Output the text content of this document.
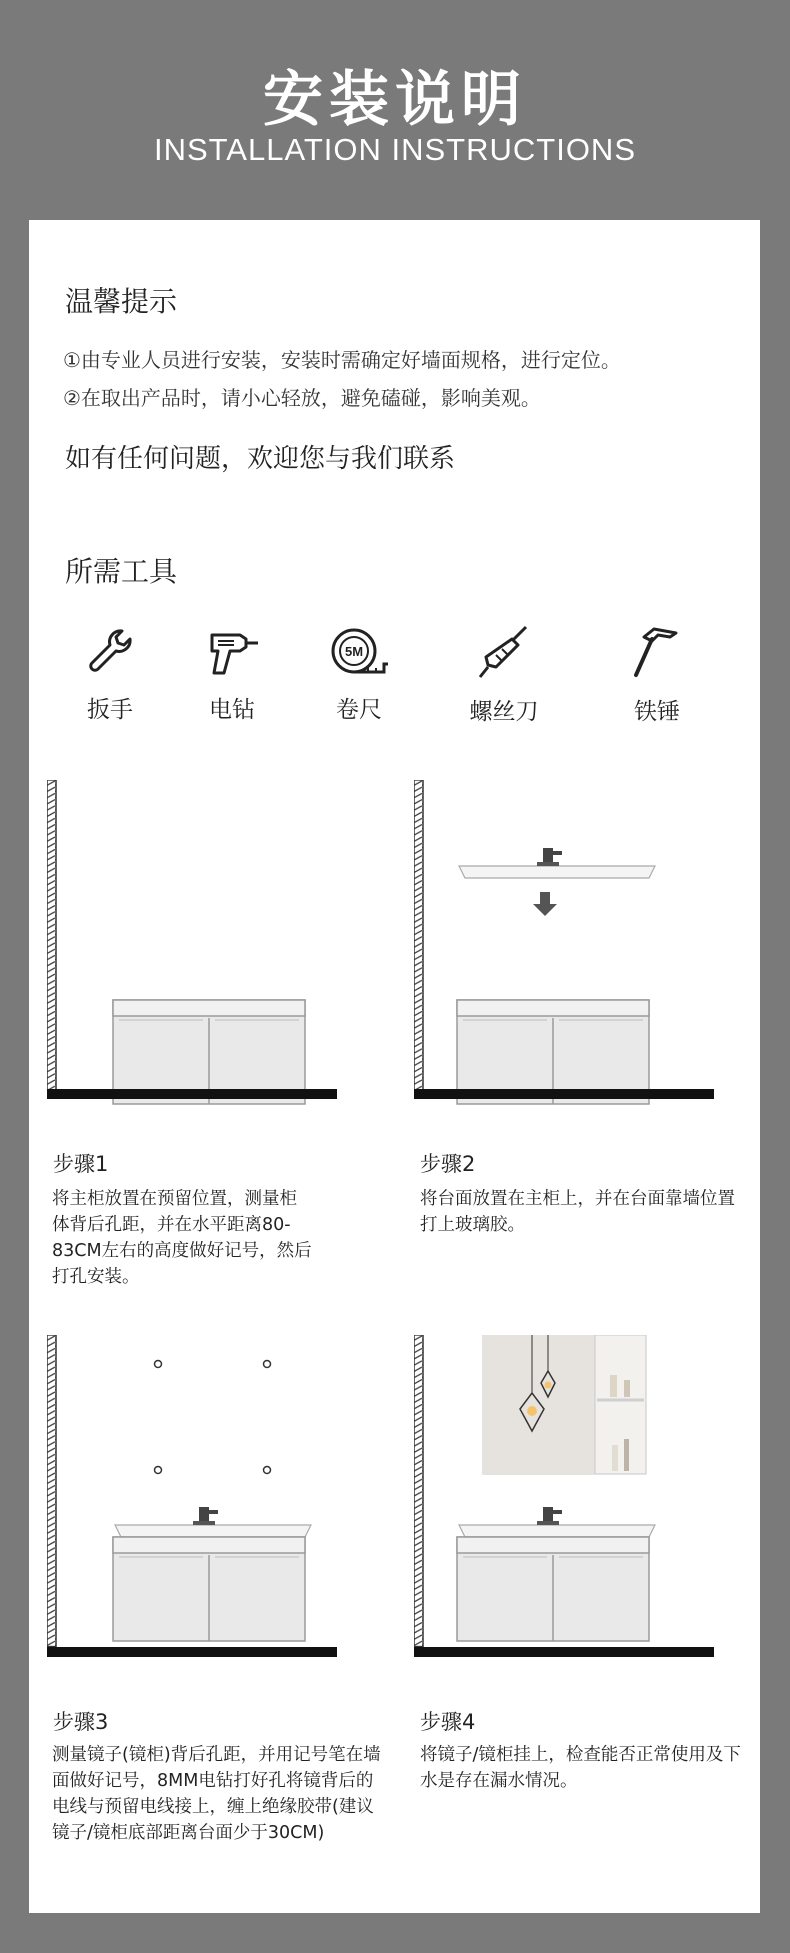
安装说明
INSTALLATION INSTRUCTIONS
温馨提示
①由专业人员进行安装，安装时需确定好墙面规格，进行定位。
②在取出产品时，请小心轻放，避免磕碰，影响美观。
如有任何问题，欢迎您与我们联系
所需工具
扳手	电钻
5M
卷尺	螺丝刀	铁锤
步骤1
将主柜放置在预留位置，测量柜体背后孔距，并在水平距离80-83CM左右的高度做好记号，然后打孔安装。
步骤2
将台面放置在主柜上，并在台面靠墙位置打上玻璃胶。
步骤3
测量镜子(镜柜)背后孔距，并用记号笔在墙面做好记号，8MM电钻打好孔将镜背后的电线与预留电线接上，缠上绝缘胶带(建议镜子/镜柜底部距离台面少于30CM)
步骤4
将镜子/镜柜挂上，检查能否正常使用及下水是存在漏水情况。
